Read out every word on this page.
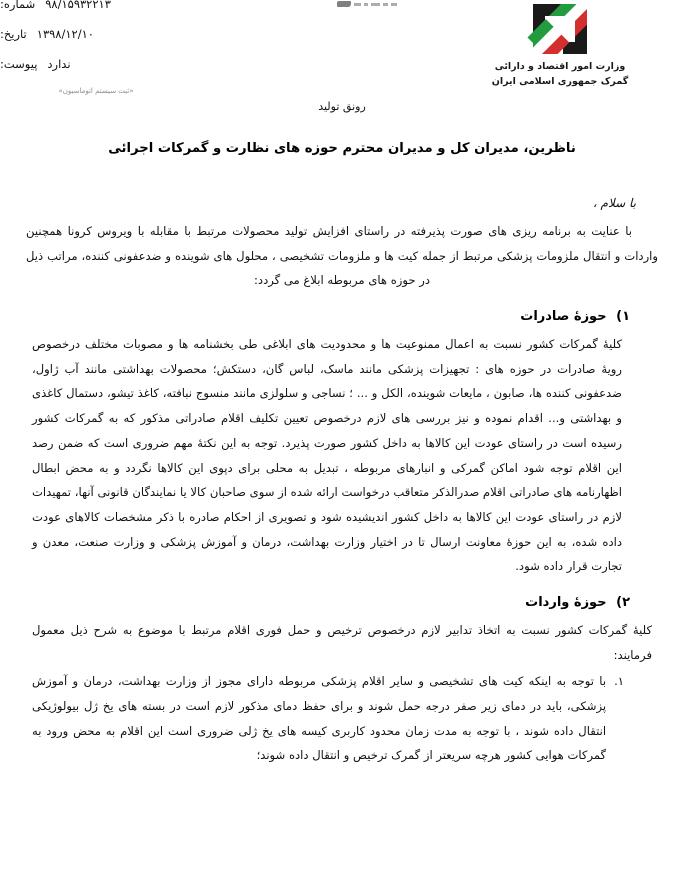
وزارت امور اقتصاد و دارائی
گمرک جمهوری اسلامی ایران
شماره: ۹۸/۱۵۹۳۲۲۱۳
تاریخ: ۱۳۹۸/۱۲/۱۰
پیوست: ندارد
«ثبت سیستم اتوماسیون»
رونق تولید
ناظرین، مدیران کل و مدیران محترم حوزه های نظارت و گمرکات اجرائی
با سلام ،

با عنایت به برنامه ریزی های صورت پذیرفته در راستای افزایش تولید محصولات مرتبط با مقابله با ویروس کرونا همچنین واردات و انتقال ملزومات پزشکی مرتبط از جمله کیت ها و ملزومات تشخیصی ، محلول های شوینده و ضدعفونی کننده، مراتب ذیل در حوزه های مربوطه ابلاغ می گردد:

۱) حوزۀ صادرات

کلیۀ گمرکات کشور نسبت به اعمال ممنوعیت ها و محدودیت های ابلاغی طی بخشنامه ها و مصوبات مختلف درخصوص رویۀ صادرات در حوزه های : تجهیزات پزشکی مانند ماسک، لباس گان، دستکش؛ محصولات بهداشتی مانند آب ژاول، ضدعفونی کننده ها، صابون ، مایعات شوینده، الکل و ... ؛ نساجی و سلولزی مانند منسوج نبافته، کاغذ تیشو، دستمال کاغذی و بهداشتی و... اقدام نموده و نیز بررسی های لازم درخصوص تعیین تکلیف اقلام صادراتی مذکور که به گمرکات کشور رسیده است در راستای عودت این کالاها به داخل کشور صورت پذیرد. توجه به این نکتۀ مهم ضروری است که ضمن رصد این اقلام توجه شود اماکن گمرکی و انبارهای مربوطه ، تبدیل به محلی برای دپوی این کالاها نگردد و به محض ابطال اظهارنامه های صادراتی اقلام صدرالذکر متعاقب درخواست ارائه شده از سوی صاحبان کالا یا نمایندگان قانونی آنها، تمهیدات لازم در راستای عودت این کالاها به داخل کشور اندیشیده شود و تصویری از احکام صادره با ذکر مشخصات کالاهای عودت داده شده، به این حوزۀ معاونت ارسال تا در اختیار وزارت بهداشت، درمان و آموزش پزشکی و وزارت صنعت، معدن و تجارت قرار داده شود.

۲) حوزۀ واردات

کلیۀ گمرکات کشور نسبت به اتخاذ تدابیر لازم درخصوص ترخیص و حمل فوری اقلام مرتبط با موضوع به شرح ذیل معمول فرمایند:

۱.
با توجه به اینکه کیت های تشخیصی و سایر اقلام پزشکی مربوطه دارای مجوز از وزارت بهداشت، درمان و آموزش پزشکی، باید در دمای زیر صفر درجه حمل شوند و برای حفظ دمای مذکور لازم است در بسته های یخ ژل بیولوژیکی انتقال داده شوند ، با توجه به مدت زمان محدود کاربری کیسه های یخ ژلی ضروری است این اقلام به محض ورود به گمرکات هوایی کشور هرچه سریعتر از گمرک ترخیص و انتقال داده شوند؛
